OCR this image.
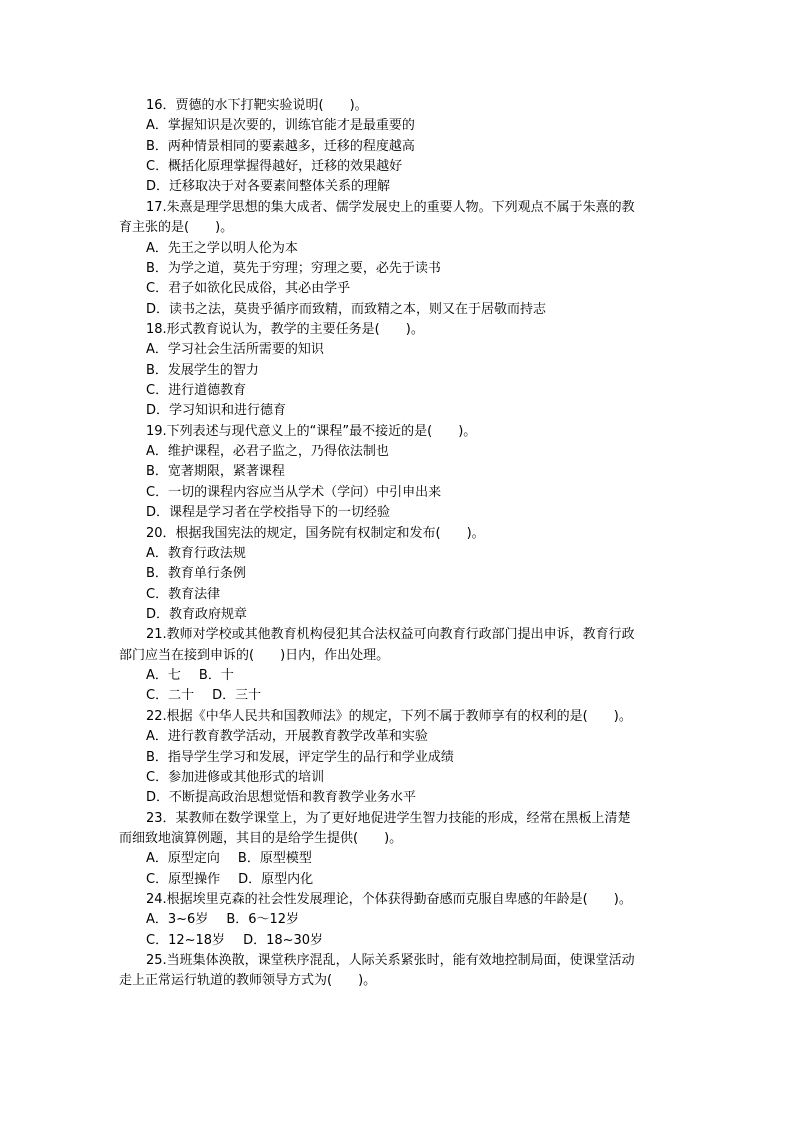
16．贾德的水下打靶实验说明(　　)。
A．掌握知识是次要的，训练官能才是最重要的
B．两种情景相同的要素越多，迁移的程度越高
C．概括化原理掌握得越好，迁移的效果越好
D．迁移取决于对各要素间整体关系的理解
17.朱熹是理学思想的集大成者、儒学发展史上的重要人物。下列观点不属于朱熹的教
育主张的是(　　)。
A．先王之学以明人伦为本
B．为学之道，莫先于穷理；穷理之要，必先于读书
C．君子如欲化民成俗，其必由学乎
D．读书之法，莫贵乎循序而致精，而致精之本，则又在于居敬而持志
18.形式教育说认为，教学的主要任务是(　　)。
A．学习社会生活所需要的知识
B．发展学生的智力
C．进行道德教育
D．学习知识和进行德育
19.下列表述与现代意义上的“课程”最不接近的是(　　)。
A．维护课程，必君子监之，乃得依法制也
B．宽著期限，紧著课程
C．一切的课程内容应当从学术（学问）中引申出来
D．课程是学习者在学校指导下的一切经验
20．根据我国宪法的规定，国务院有权制定和发布(　　)。
A．教育行政法规
B．教育单行条例
C．教育法律
D．教育政府规章
21.教师对学校或其他教育机构侵犯其合法权益可向教育行政部门提出申诉，教育行政
部门应当在接到申诉的(　　)日内，作出处理。
A．七 B．十
C．二十 D．三十
22.根据《中华人民共和国教师法》的规定，下列不属于教师享有的权利的是(　　)。
A．进行教育教学活动，开展教育教学改革和实验
B．指导学生学习和发展，评定学生的品行和学业成绩
C．参加进修或其他形式的培训
D．不断提高政治思想觉悟和教育教学业务水平
23．某教师在数学课堂上，为了更好地促进学生智力技能的形成，经常在黑板上清楚
而细致地演算例题，其目的是给学生提供(　　)。
A．原型定向 B．原型模型
C．原型操作 D．原型内化
24.根据埃里克森的社会性发展理论，个体获得勤奋感而克服自卑感的年龄是(　　)。
A．3~6岁 B．6～12岁
C．12~18岁 D．18~30岁
25.当班集体涣散，课堂秩序混乱，人际关系紧张时，能有效地控制局面，使课堂活动
走上正常运行轨道的教师领导方式为(　　)。
